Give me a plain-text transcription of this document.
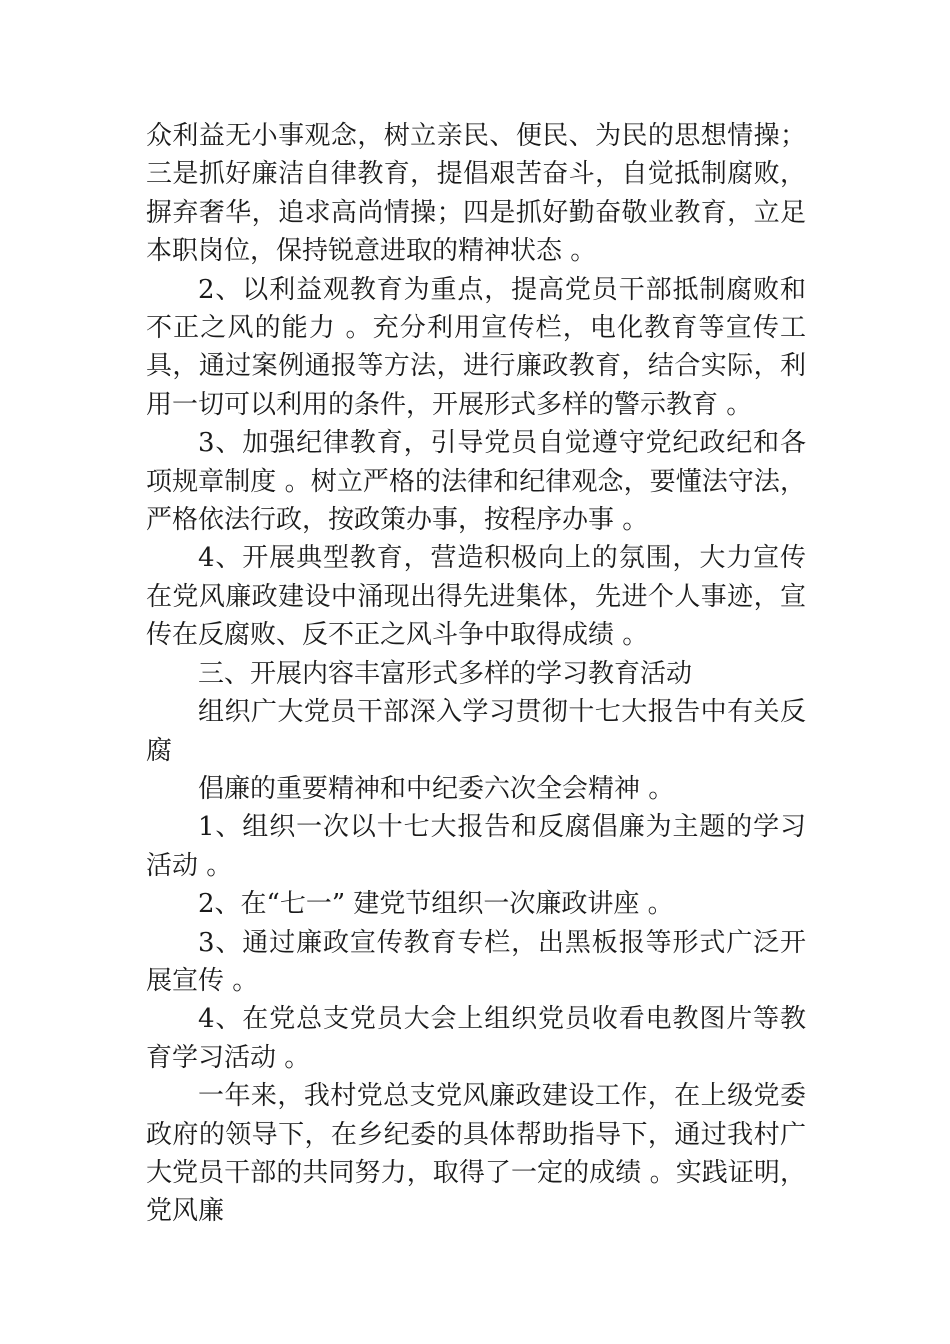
众利益无小事观念，树立亲民、便民、为民的思想情操；三是抓好廉洁自律教育，提倡艰苦奋斗，自觉抵制腐败，摒弃奢华，追求高尚情操；四是抓好勤奋敬业教育，立足本职岗位，保持锐意进取的精神状态 。

2、以利益观教育为重点，提高党员干部抵制腐败和不正之风的能力 。充分利用宣传栏，电化教育等宣传工具，通过案例通报等方法，进行廉政教育，结合实际，利用一切可以利用的条件，开展形式多样的警示教育 。

3、加强纪律教育，引导党员自觉遵守党纪政纪和各项规章制度 。树立严格的法律和纪律观念，要懂法守法，严格依法行政，按政策办事，按程序办事 。

4、开展典型教育，营造积极向上的氛围，大力宣传在党风廉政建设中涌现出得先进集体，先进个人事迹，宣传在反腐败、反不正之风斗争中取得成绩 。

三、开展内容丰富形式多样的学习教育活动

组织广大党员干部深入学习贯彻十七大报告中有关反腐

倡廉的重要精神和中纪委六次全会精神 。

1、组织一次以十七大报告和反腐倡廉为主题的学习活动 。

2、在“七一” 建党节组织一次廉政讲座 。

3、通过廉政宣传教育专栏，出黑板报等形式广泛开展宣传 。

4、在党总支党员大会上组织党员收看电教图片等教育学习活动 。

一年来，我村党总支党风廉政建设工作，在上级党委政府的领导下，在乡纪委的具体帮助指导下，通过我村广大党员干部的共同努力，取得了一定的成绩 。实践证明，党风廉
